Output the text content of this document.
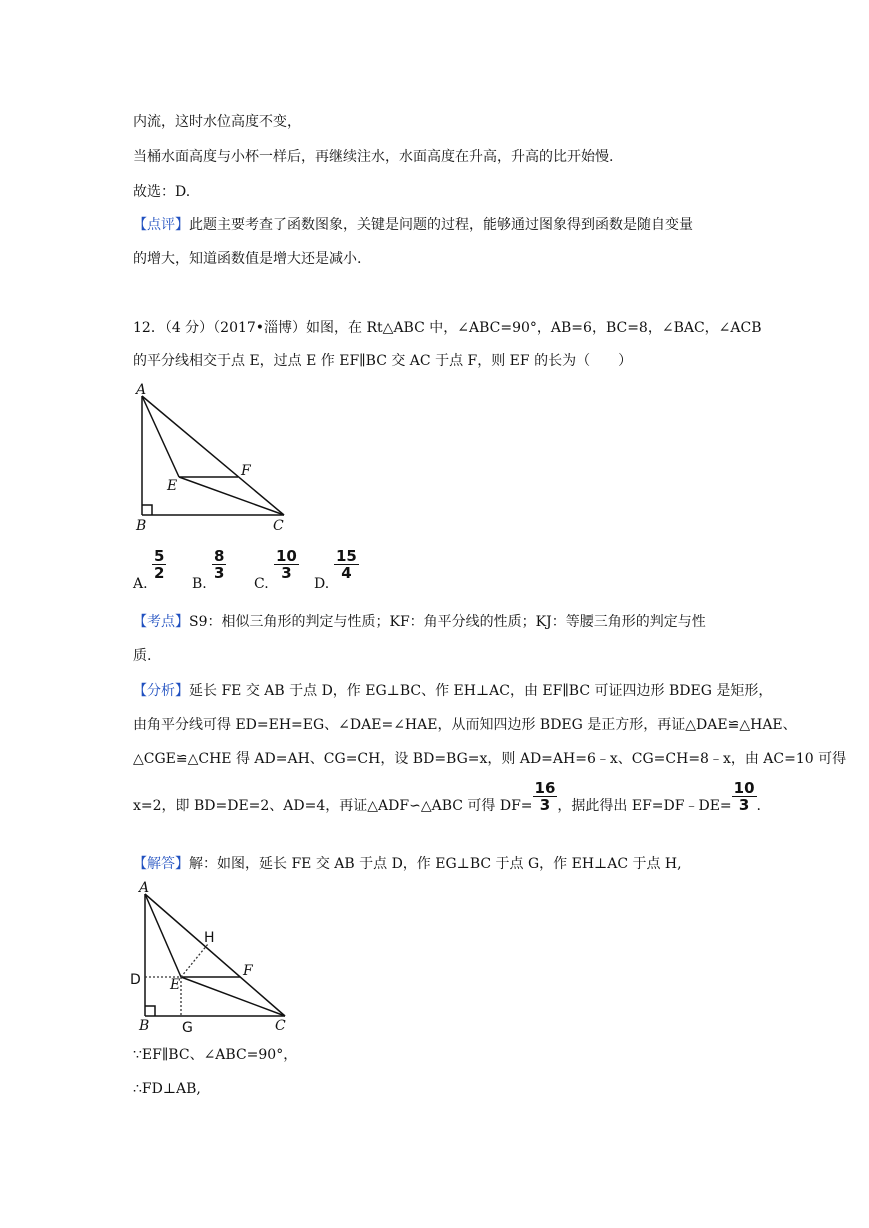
内流，这时水位高度不变，
当桶水面高度与小杯一样后，再继续注水，水面高度在升高，升高的比开始慢.
故选：D.
【点评】此题主要考查了函数图象，关键是问题的过程，能够通过图象得到函数是随自变量
的增大，知道函数值是增大还是减小.
12．（4 分）（2017•淄博）如图，在 Rt△ABC 中，∠ABC=90°，AB=6，BC=8，∠BAC，∠ACB
的平分线相交于点 E，过点 E 作 EF∥BC 交 AC 于点 F，则 EF 的长为（　　）
A
B	C
E
F
A.
$\frac{5}{2}$
B.
$\frac{8}{3}$
C.
$\frac{10}{3}$
D.
$\frac{15}{4}$
【考点】S9：相似三角形的判定与性质；KF：角平分线的性质；KJ：等腰三角形的判定与性
质.
【分析】延长 FE 交 AB 于点 D，作 EG⊥BC、作 EH⊥AC，由 EF∥BC 可证四边形 BDEG 是矩形，
由角平分线可得 ED=EH=EG、∠DAE=∠HAE，从而知四边形 BDEG 是正方形，再证△DAE≌△HAE、
△CGE≌△CHE 得 AD=AH、CG=CH，设 BD=BG=x，则 AD=AH=6﹣x、CG=CH=8﹣x，由 AC=10 可得
x=2，即 BD=DE=2、AD=4，再证△ADF∽△ABC 可得 $DF= \frac{16}{3}$ ，据此得出 EF=DF﹣DE= $\frac{10}{3}$ .
【解答】解：如图，延长 FE 交 AB 于点 D，作 EG⊥BC 于点 G，作 EH⊥AC 于点 H,
A
B	C
D E
F
G
H
∵EF∥BC、∠ABC=90°，
∴FD⊥AB,
